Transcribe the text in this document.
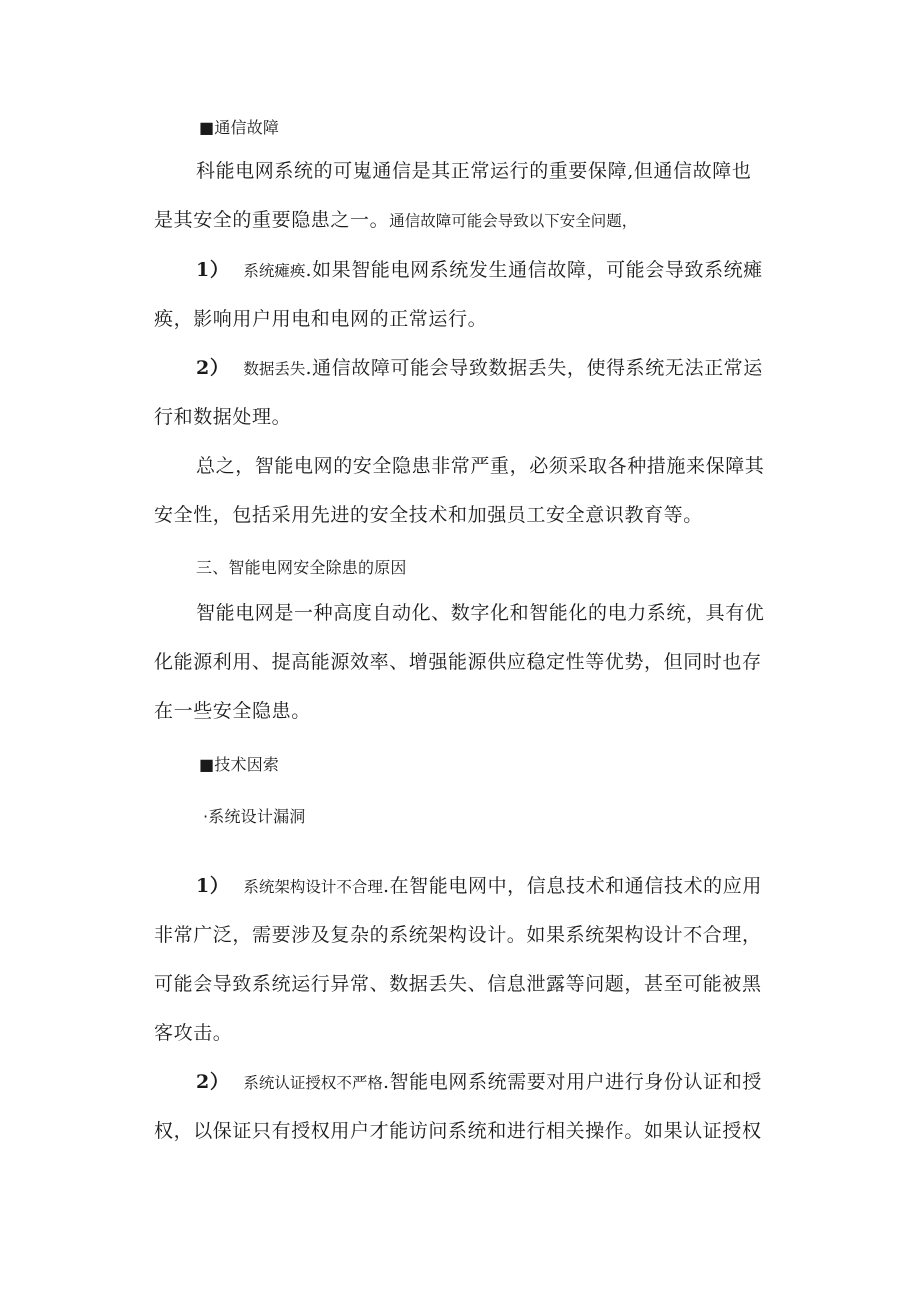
■通信故障
科能电网系统的可嵬通信是其正常运行的重要保障,但通信故障也
是其安全的重要隐患之一。通信故障可能会导致以下安全问题，
1） 系统瘫痪.如果智能电网系统发生通信故障，可能会导致系统瘫
痪，影响用户用电和电网的正常运行。
2） 数据丢失.通信故障可能会导致数据丢失，使得系统无法正常运
行和数据处理。
总之，智能电网的安全隐患非常严重，必须采取各种措施来保障其
安全性，包括采用先进的安全技术和加强员工安全意识教育等。
三、智能电网安全除患的原因
智能电网是一种高度自动化、数字化和智能化的电力系统，具有优
化能源利用、提高能源效率、增强能源供应稳定性等优势，但同时也存
在一些安全隐患。
■技术因索
·系统设计漏洞
1） 系统架构设计不合理.在智能电网中，信息技术和通信技术的应用
非常广泛，需要涉及复杂的系统架构设计。如果系统架构设计不合理，
可能会导致系统运行异常、数据丢失、信息泄露等问题，甚至可能被黑
客攻击。
2） 系统认证授权不严格.智能电网系统需要对用户进行身份认证和授
权，以保证只有授权用户才能访问系统和进行相关操作。如果认证授权
